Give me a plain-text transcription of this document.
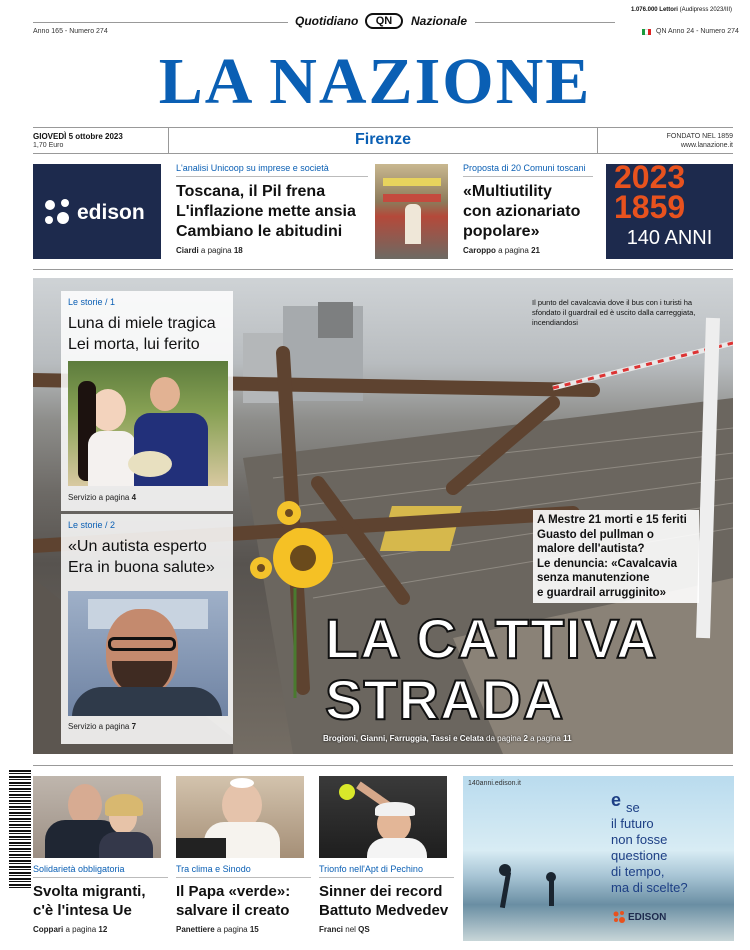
Quotidiano	QN	Nazionale
1.076.000 Lettori (Audipress 2023/III)
Anno 165 - Numero 274	QN Anno 24 - Numero 274
LA NAZIONE
GIOVEDÌ 5 ottobre 2023
1,70 Euro	Firenze	FONDATO NEL 1859
www.lanazione.it
edison
L'analisi Unicoop su imprese e società
Toscana, il Pil frena
L'inflazione mette ansia
Cambiano le abitudini
Ciardi a pagina 18
Proposta di 20 Comuni toscani
«Multiutility
con azionariato
popolare»
Caroppo a pagina 21
2023 1859
140 ANNI
Il punto del cavalcavia dove il bus con i turisti ha sfondato il guardrail ed è uscito dalla carreggiata, incendiandosi
Le storie / 1
Luna di miele tragica
Lei morta, lui ferito
Servizio a pagina 4
Le storie / 2
«Un autista esperto
Era in buona salute»
Servizio a pagina 7
A Mestre 21 morti e 15 feriti
Guasto del pullman o
malore dell'autista?
Le denuncia: «Cavalcavia
senza manutenzione
e guardrail arrugginito»
LA CATTIVA
STRADA
Brogioni, Gianni, Farruggia, Tassi e Celata da pagina 2 a pagina 11
Solidarietà obbligatoria
Svolta migranti,
c'è l'intesa Ue
Coppari a pagina 12
Tra clima e Sinodo
Il Papa «verde»:
salvare il creato
Panettiere a pagina 15
Trionfo nell'Apt di Pechino
Sinner dei record
Battuto Medvedev
Franci nel QS
140anni.edison.it
e se
il futuro
non fosse
questione
di tempo,
ma di scelte?
EDISON
